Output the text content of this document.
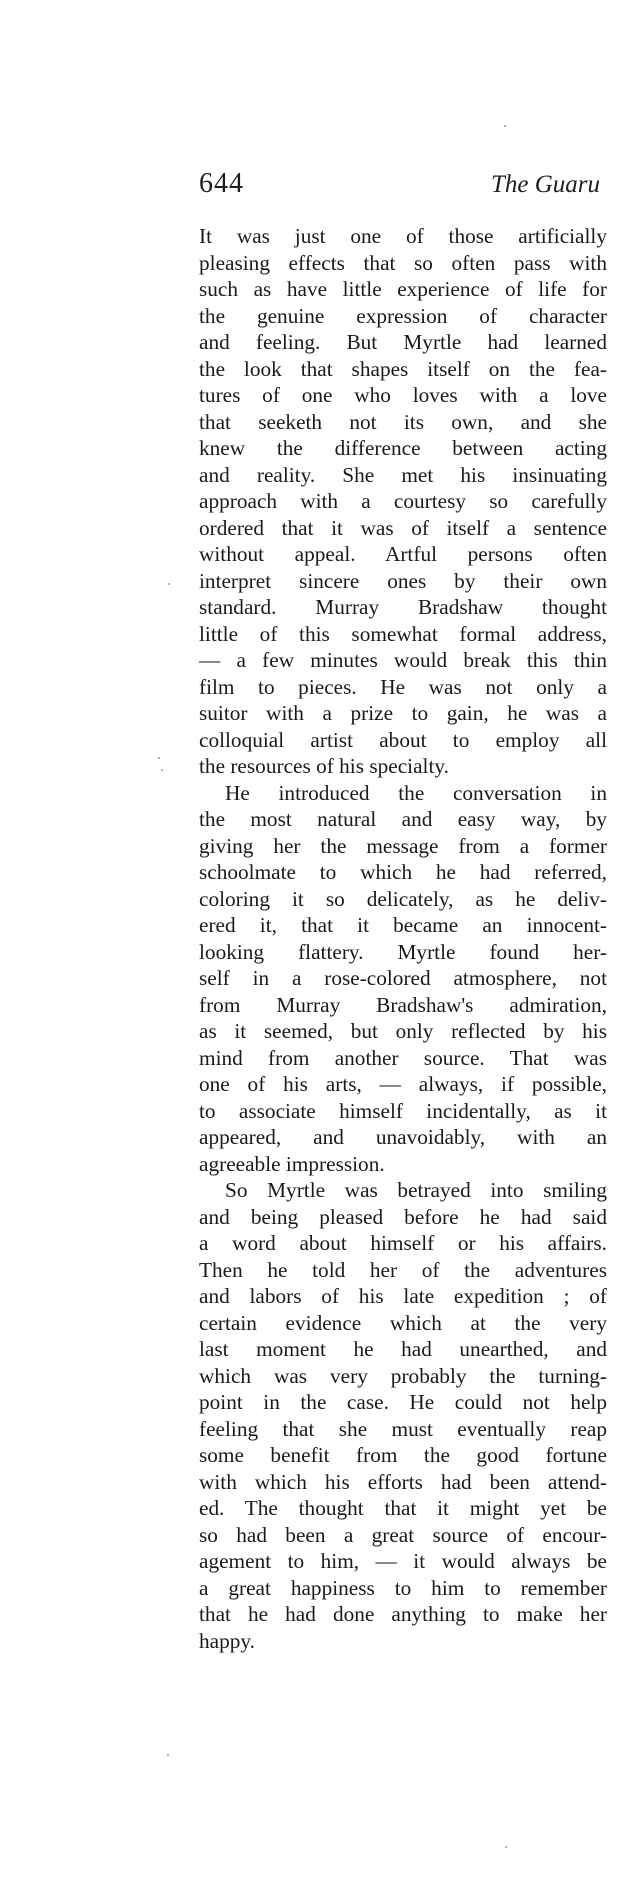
644	The Guarи
It was just one of those artificially
pleasing effects that so often pass with
such as have little experience of life for
the genuine expression of character
and feeling. But Myrtle had learned
the look that shapes itself on the fea-
tures of one who loves with a love
that seeketh not its own, and she
knew the difference between acting
and reality. She met his insinuating
approach with a courtesy so carefully
ordered that it was of itself a sentence
without appeal. Artful persons often
interpret sincere ones by their own
standard. Murray Bradshaw thought
little of this somewhat formal address,
— a few minutes would break this thin
film to pieces. He was not only a
suitor with a prize to gain, he was a
colloquial artist about to employ all
the resources of his specialty.
He introduced the conversation in
the most natural and easy way, by
giving her the message from a former
schoolmate to which he had referred,
coloring it so delicately, as he deliv-
ered it, that it became an innocent-
looking flattery. Myrtle found her-
self in a rose-colored atmosphere, not
from Murray Bradshaw's admiration,
as it seemed, but only reflected by his
mind from another source. That was
one of his arts, — always, if possible,
to associate himself incidentally, as it
appeared, and unavoidably, with an
agreeable impression.
So Myrtle was betrayed into smiling
and being pleased before he had said
a word about himself or his affairs.
Then he told her of the adventures
and labors of his late expedition ; of
certain evidence which at the very
last moment he had unearthed, and
which was very probably the turning-
point in the case. He could not help
feeling that she must eventually reap
some benefit from the good fortune
with which his efforts had been attend-
ed. The thought that it might yet be
so had been a great source of encour-
agement to him, — it would always be
a great happiness to him to remember
that he had done anything to make her
happy.
